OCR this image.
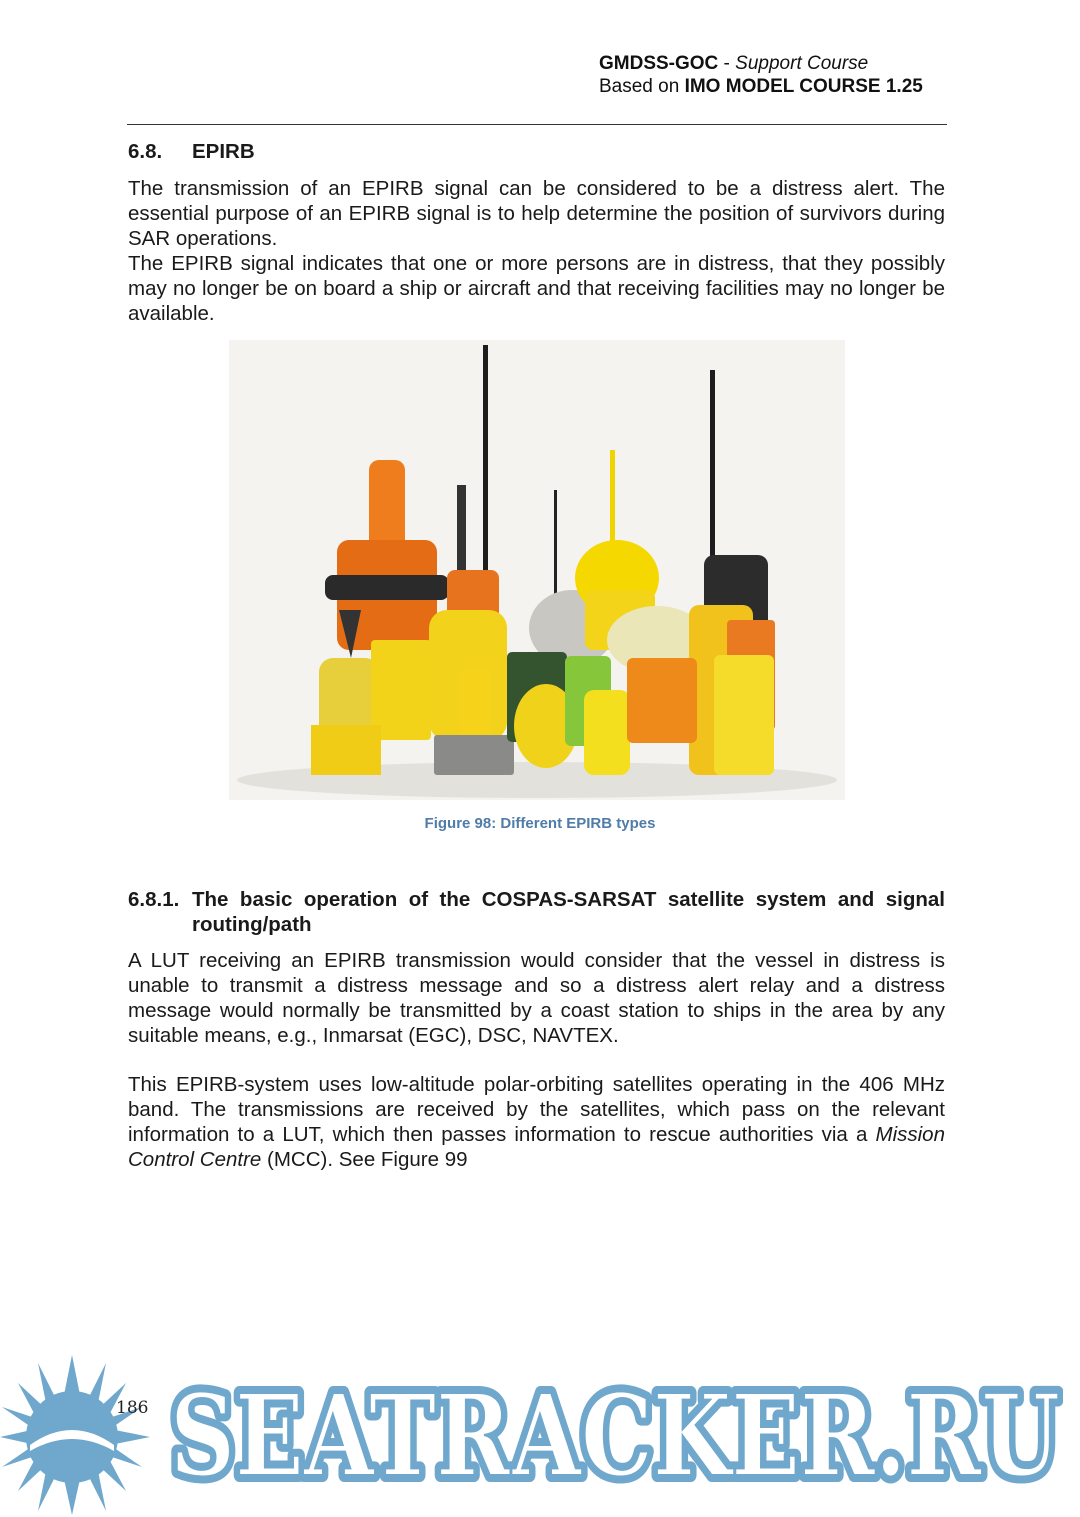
GMDSS-GOC - Support Course
Based on IMO MODEL COURSE 1.25
6.8. EPIRB

The transmission of an EPIRB signal can be considered to be a distress alert. The essential purpose of an EPIRB signal is to help determine the position of survivors during SAR operations.

The EPIRB signal indicates that one or more persons are in distress, that they possibly may no longer be on board a ship or aircraft and that receiving facilities may no longer be available.

Figure 98: Different EPIRB types
6.8.1. The basic operation of the COSPAS-SARSAT satellite system and signal routing/path

A LUT receiving an EPIRB transmission would consider that the vessel in distress is unable to transmit a distress message and so a distress alert relay and a distress message would normally be transmitted by a coast station to ships in the area by any suitable means, e.g., Inmarsat (EGC), DSC, NAVTEX.

This EPIRB-system uses low-altitude polar-orbiting satellites operating in the 406 MHz band. The transmissions are received by the satellites, which pass on the relevant information to a LUT, which then passes information to rescue authorities via a Mission Control Centre (MCC). See Figure 99

186 SEATRACKER.RU
SEATRACKER.RU
